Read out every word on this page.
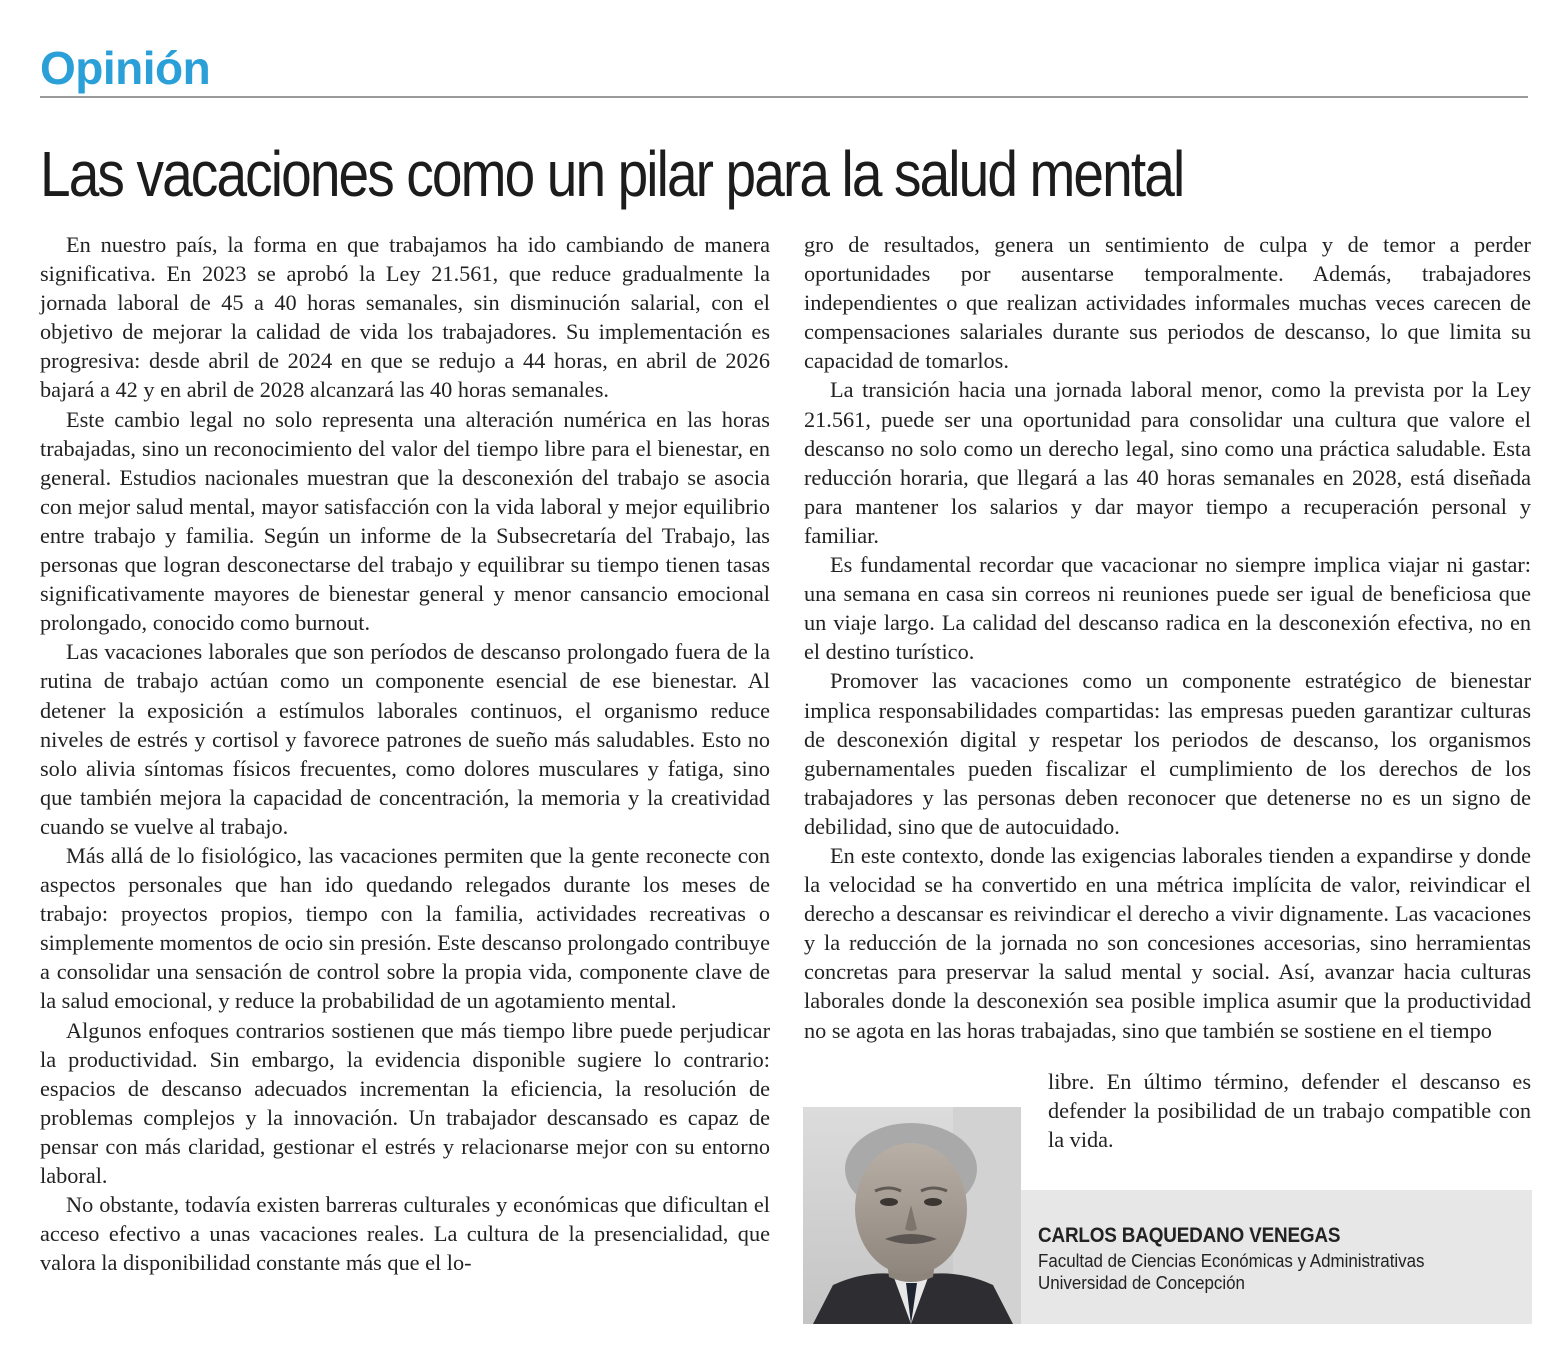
Opinión
Las vacaciones como un pilar para la salud mental

En nuestro país, la forma en que trabajamos ha ido cambiando de manera significativa. En 2023 se aprobó la Ley 21.561, que reduce gradualmente la jornada laboral de 45 a 40 horas semanales, sin disminución salarial, con el objetivo de mejorar la calidad de vida los trabajadores. Su implementación es progresiva: desde abril de 2024 en que se redujo a 44 horas, en abril de 2026 bajará a 42 y en abril de 2028 alcanzará las 40 horas semanales.

Este cambio legal no solo representa una alteración numérica en las horas trabajadas, sino un reconocimiento del valor del tiempo libre para el bienestar, en general. Estudios nacionales muestran que la desconexión del trabajo se asocia con mejor salud mental, mayor satisfacción con la vida laboral y mejor equilibrio entre trabajo y familia. Según un informe de la Subsecretaría del Trabajo, las personas que logran desconectarse del trabajo y equilibrar su tiempo tienen tasas significativamente mayores de bienestar general y menor cansancio emocional prolongado, conocido como burnout.

Las vacaciones laborales que son períodos de descanso prolongado fuera de la rutina de trabajo actúan como un componente esencial de ese bienestar. Al detener la exposición a estímulos laborales continuos, el organismo reduce niveles de estrés y cortisol y favorece patrones de sueño más saludables. Esto no solo alivia síntomas físicos frecuentes, como dolores musculares y fatiga, sino que también mejora la capacidad de concentración, la memoria y la creatividad cuando se vuelve al trabajo.

Más allá de lo fisiológico, las vacaciones permiten que la gente reconecte con aspectos personales que han ido quedando relegados durante los meses de trabajo: proyectos propios, tiempo con la familia, actividades recreativas o simplemente momentos de ocio sin presión. Este descanso prolongado contribuye a consolidar una sensación de control sobre la propia vida, componente clave de la salud emocional, y reduce la probabilidad de un agotamiento mental.

Algunos enfoques contrarios sostienen que más tiempo libre puede perjudicar la productividad. Sin embargo, la evidencia disponible sugiere lo contrario: espacios de descanso adecuados incrementan la eficiencia, la resolución de problemas complejos y la innovación. Un trabajador descansado es capaz de pensar con más claridad, gestionar el estrés y relacionarse mejor con su entorno laboral.

No obstante, todavía existen barreras culturales y económicas que dificultan el acceso efectivo a unas vacaciones reales. La cultura de la presencialidad, que valora la disponibilidad constante más que el lo-

gro de resultados, genera un sentimiento de culpa y de temor a perder oportunidades por ausentarse temporalmente. Además, trabajadores independientes o que realizan actividades informales muchas veces carecen de compensaciones salariales durante sus periodos de descanso, lo que limita su capacidad de tomarlos.

La transición hacia una jornada laboral menor, como la prevista por la Ley 21.561, puede ser una oportunidad para consolidar una cultura que valore el descanso no solo como un derecho legal, sino como una práctica saludable. Esta reducción horaria, que llegará a las 40 horas semanales en 2028, está diseñada para mantener los salarios y dar mayor tiempo a recuperación personal y familiar.

Es fundamental recordar que vacacionar no siempre implica viajar ni gastar: una semana en casa sin correos ni reuniones puede ser igual de beneficiosa que un viaje largo. La calidad del descanso radica en la desconexión efectiva, no en el destino turístico.

Promover las vacaciones como un componente estratégico de bienestar implica responsabilidades compartidas: las empresas pueden garantizar culturas de desconexión digital y respetar los periodos de descanso, los organismos gubernamentales pueden fiscalizar el cumplimiento de los derechos de los trabajadores y las personas deben reconocer que detenerse no es un signo de debilidad, sino que de autocuidado.

En este contexto, donde las exigencias laborales tienden a expandirse y donde la velocidad se ha convertido en una métrica implícita de valor, reivindicar el derecho a descansar es reivindicar el derecho a vivir dignamente. Las vacaciones y la reducción de la jornada no son concesiones accesorias, sino herramientas concretas para preservar la salud mental y social. Así, avanzar hacia culturas laborales donde la desconexión sea posible implica asumir que la productividad no se agota en las horas trabajadas, sino que también se sostiene en el tiempo

libre. En último término, defender el descanso es defender la posibilidad de un trabajo compatible con la vida.

CARLOS BAQUEDANO VENEGAS
Facultad de Ciencias Económicas y Administrativas
Universidad de Concepción
